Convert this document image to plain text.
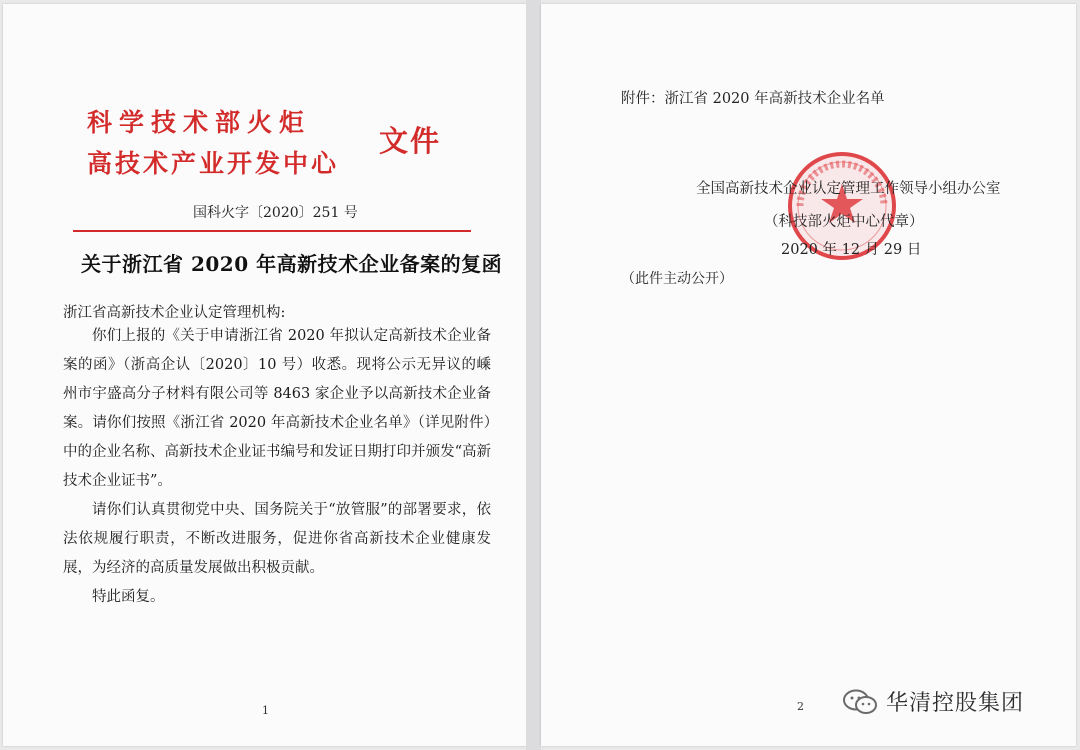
科学技术部火炬
高技术产业开发中心
文件
国科火字〔2020〕251 号
关于浙江省 2020 年高新技术企业备案的复函
浙江省高新技术企业认定管理机构:

你们上报的《关于申请浙江省 2020 年拟认定高新技术企业备案的函》（浙高企认〔2020〕10 号）收悉。现将公示无异议的嵊州市宇盛高分子材料有限公司等 8463 家企业予以高新技术企业备案。请你们按照《浙江省 2020 年高新技术企业名单》（详见附件）中的企业名称、高新技术企业证书编号和发证日期打印并颁发“高新技术企业证书”。

请你们认真贯彻党中央、国务院关于“放管服”的部署要求，依法依规履行职责，不断改进服务，促进你省高新技术企业健康发展，为经济的高质量发展做出积极贡献。

特此函复。

1
附件：浙江省 2020 年高新技术企业名单
全国高新技术企业认定管理工作领导小组办公室
（科技部火炬中心代章）
2020 年 12 月 29 日
（此件主动公开）
2	华清控股集团
